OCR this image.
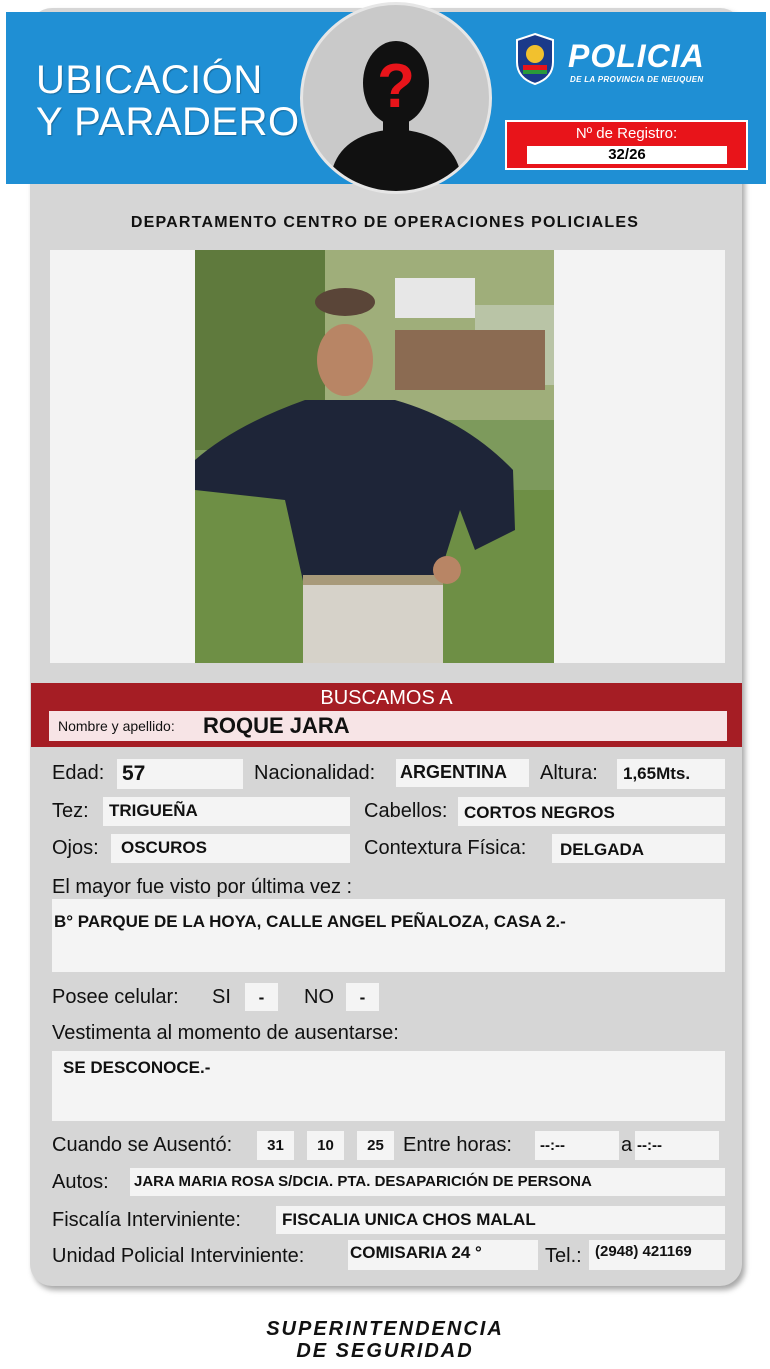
UBICACIÓN
Y PARADERO
?	POLICIA
DE LA PROVINCIA DE NEUQUEN
Nº de Registro:
32/26
DEPARTAMENTO CENTRO DE OPERACIONES POLICIALES
BUSCAMOS A
Nombre y apellido: ROQUE JARA
Edad: 57	Nacionalidad: ARGENTINA	Altura:	1,65Mts.
Tez:	TRIGUEÑA	Cabellos: CORTOS NEGROS
Ojos:	OSCUROS	Contextura Física:	DELGADA
El mayor fue visto por última vez :
B° PARQUE DE LA HOYA, CALLE ANGEL PEÑALOZA, CASA 2.-
Posee celular: SI	-	NO	-
Vestimenta al momento de ausentarse:
SE DESCONOCE.-
Cuando se Ausentó:	31	10	25 Entre horas:	--:--	a --:--
Autos: JARA MARIA ROSA S/DCIA. PTA. DESAPARICIÓN DE PERSONA
Fiscalía Interviniente:	FISCALIA UNICA CHOS MALAL
Unidad Policial Interviniente:	COMISARIA 24 °	Tel.: (2948) 421169
SUPERINTENDENCIA
DE SEGURIDAD
